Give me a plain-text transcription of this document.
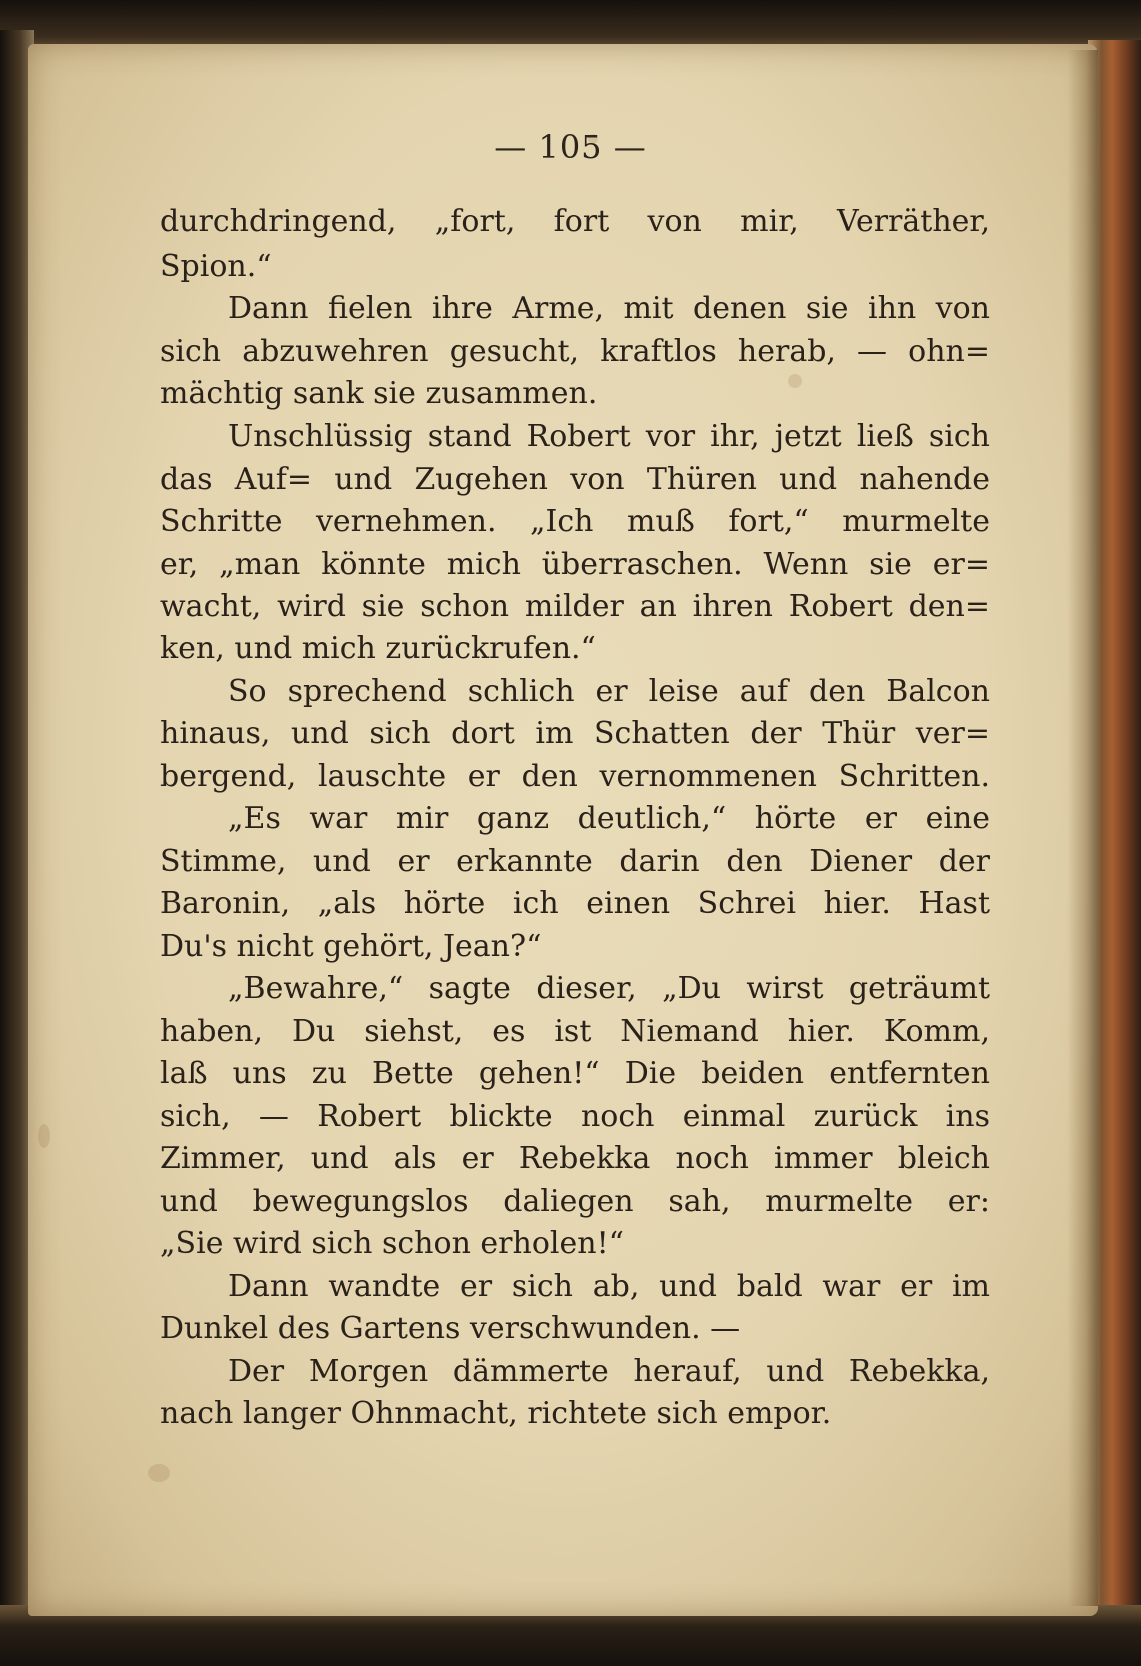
— 105 —
durchdringend, „fort, fort von mir, Verräther,
Spion.“
Dann fielen ihre Arme, mit denen sie ihn von
sich abzuwehren gesucht, kraftlos herab, — ohn=
mächtig sank sie zusammen.
Unschlüssig stand Robert vor ihr, jetzt ließ sich
das Auf= und Zugehen von Thüren und nahende
Schritte vernehmen. „Ich muß fort,“ murmelte
er, „man könnte mich überraschen. Wenn sie er=
wacht, wird sie schon milder an ihren Robert den=
ken, und mich zurückrufen.“
So sprechend schlich er leise auf den Balcon
hinaus, und sich dort im Schatten der Thür ver=
bergend, lauschte er den vernommenen Schritten.
„Es war mir ganz deutlich,“ hörte er eine
Stimme, und er erkannte darin den Diener der
Baronin, „als hörte ich einen Schrei hier. Hast
Du's nicht gehört, Jean?“
„Bewahre,“ sagte dieser, „Du wirst geträumt
haben, Du siehst, es ist Niemand hier. Komm,
laß uns zu Bette gehen!“ Die beiden entfernten
sich, — Robert blickte noch einmal zurück ins
Zimmer, und als er Rebekka noch immer bleich
und bewegungslos daliegen sah, murmelte er:
„Sie wird sich schon erholen!“
Dann wandte er sich ab, und bald war er im
Dunkel des Gartens verschwunden. —
Der Morgen dämmerte herauf, und Rebekka,
nach langer Ohnmacht, richtete sich empor.
